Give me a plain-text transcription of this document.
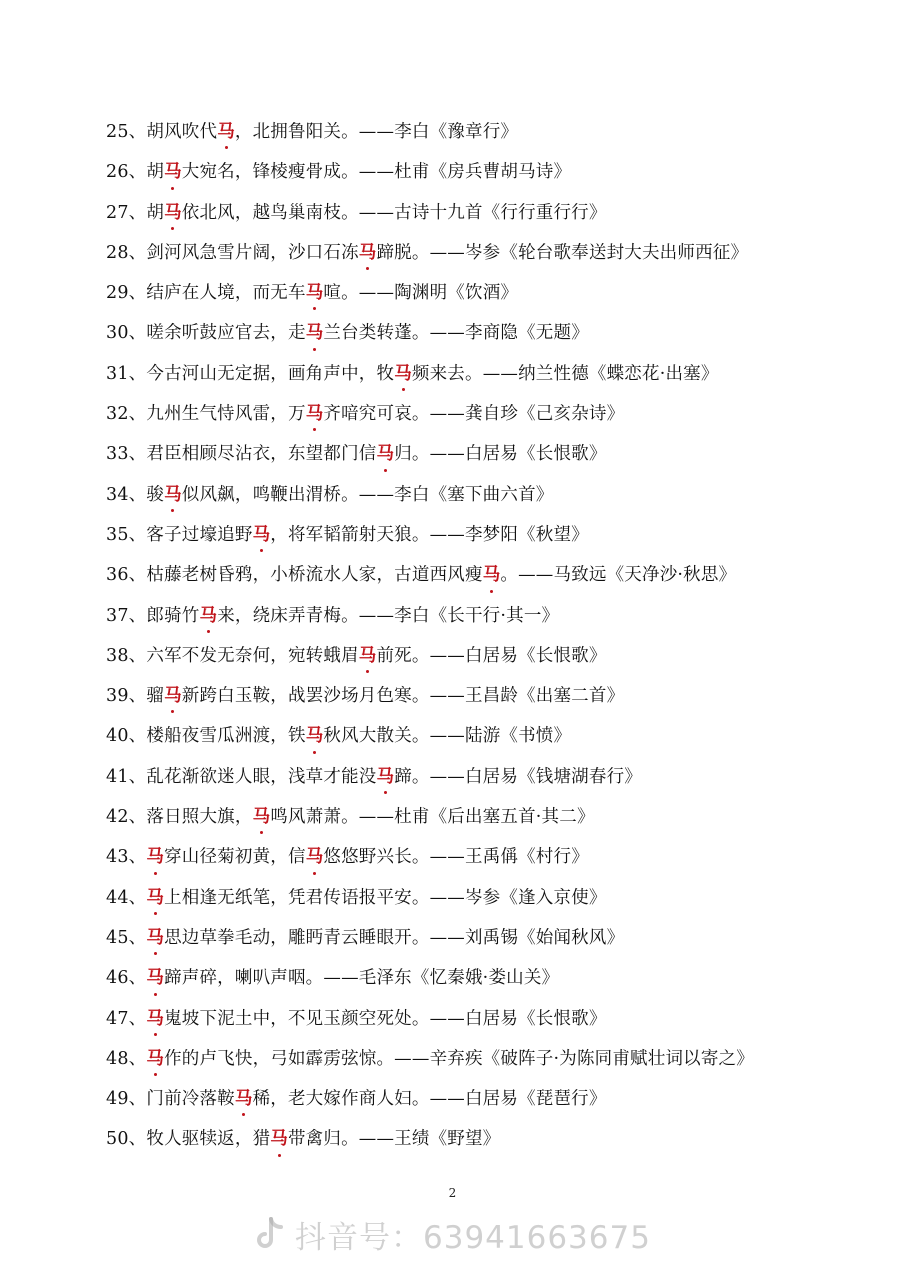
25、胡风吹代马，北拥鲁阳关。——李白《豫章行》
26、胡马大宛名，锋棱瘦骨成。——杜甫《房兵曹胡马诗》
27、胡马依北风，越鸟巢南枝。——古诗十九首《行行重行行》
28、剑河风急雪片阔，沙口石冻马蹄脱。——岑参《轮台歌奉送封大夫出师西征》
29、结庐在人境，而无车马喧。——陶渊明《饮酒》
30、嗟余听鼓应官去，走马兰台类转蓬。——李商隐《无题》
31、今古河山无定据，画角声中，牧马频来去。——纳兰性德《蝶恋花·出塞》
32、九州生气恃风雷，万马齐喑究可哀。——龚自珍《己亥杂诗》
33、君臣相顾尽沾衣，东望都门信马归。——白居易《长恨歌》
34、骏马似风飙，鸣鞭出渭桥。——李白《塞下曲六首》
35、客子过壕追野马，将军韬箭射天狼。——李梦阳《秋望》
36、枯藤老树昏鸦，小桥流水人家，古道西风瘦马。——马致远《天净沙·秋思》
37、郎骑竹马来，绕床弄青梅。——李白《长干行·其一》
38、六军不发无奈何，宛转蛾眉马前死。——白居易《长恨歌》
39、骝马新跨白玉鞍，战罢沙场月色寒。——王昌龄《出塞二首》
40、楼船夜雪瓜洲渡，铁马秋风大散关。——陆游《书愤》
41、乱花渐欲迷人眼，浅草才能没马蹄。——白居易《钱塘湖春行》
42、落日照大旗，马鸣风萧萧。——杜甫《后出塞五首·其二》
43、马穿山径菊初黄，信马悠悠野兴长。——王禹偁《村行》
44、马上相逢无纸笔，凭君传语报平安。——岑参《逢入京使》
45、马思边草拳毛动，雕眄青云睡眼开。——刘禹锡《始闻秋风》
46、马蹄声碎，喇叭声咽。——毛泽东《忆秦娥·娄山关》
47、马嵬坡下泥土中，不见玉颜空死处。——白居易《长恨歌》
48、马作的卢飞快，弓如霹雳弦惊。——辛弃疾《破阵子·为陈同甫赋壮词以寄之》
49、门前冷落鞍马稀，老大嫁作商人妇。——白居易《琵琶行》
50、牧人驱犊返，猎马带禽归。——王绩《野望》
2
抖音号：63941663675
